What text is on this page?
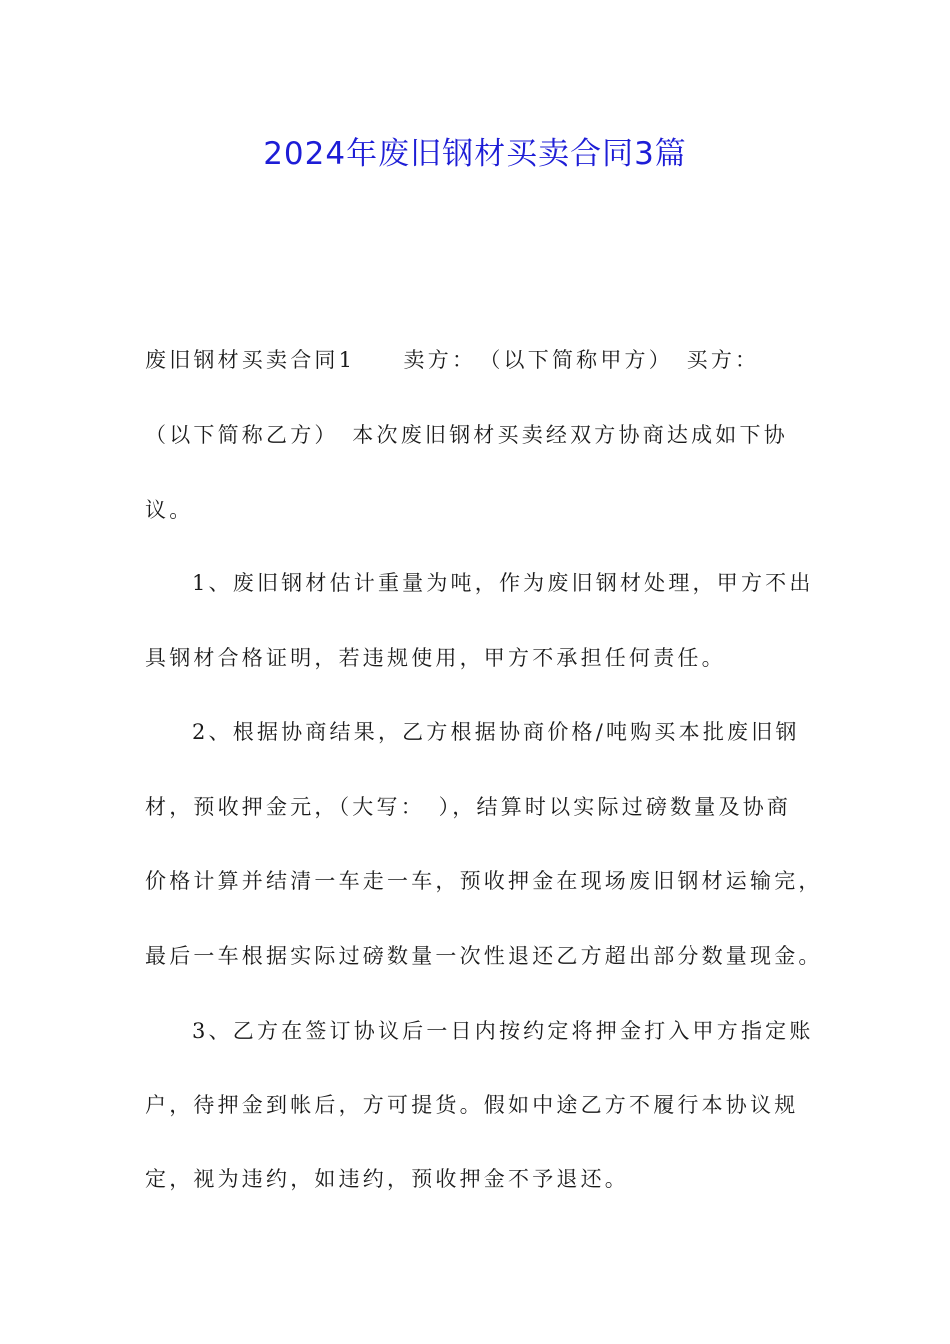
2024年废旧钢材买卖合同3篇
废旧钢材买卖合同1　　卖方：　（以下简称甲方）　买方：
（以下简称乙方）　本次废旧钢材买卖经双方协商达成如下协
议。
1、废旧钢材估计重量为吨，作为废旧钢材处理，甲方不出
具钢材合格证明，若违规使用，甲方不承担任何责任。
2、根据协商结果，乙方根据协商价格/吨购买本批废旧钢
材，预收押金元，（大写：　），结算时以实际过磅数量及协商
价格计算并结清一车走一车，预收押金在现场废旧钢材运输完，
最后一车根据实际过磅数量一次性退还乙方超出部分数量现金。
3、乙方在签订协议后一日内按约定将押金打入甲方指定账
户，待押金到帐后，方可提货。假如中途乙方不履行本协议规
定，视为违约，如违约，预收押金不予退还。
